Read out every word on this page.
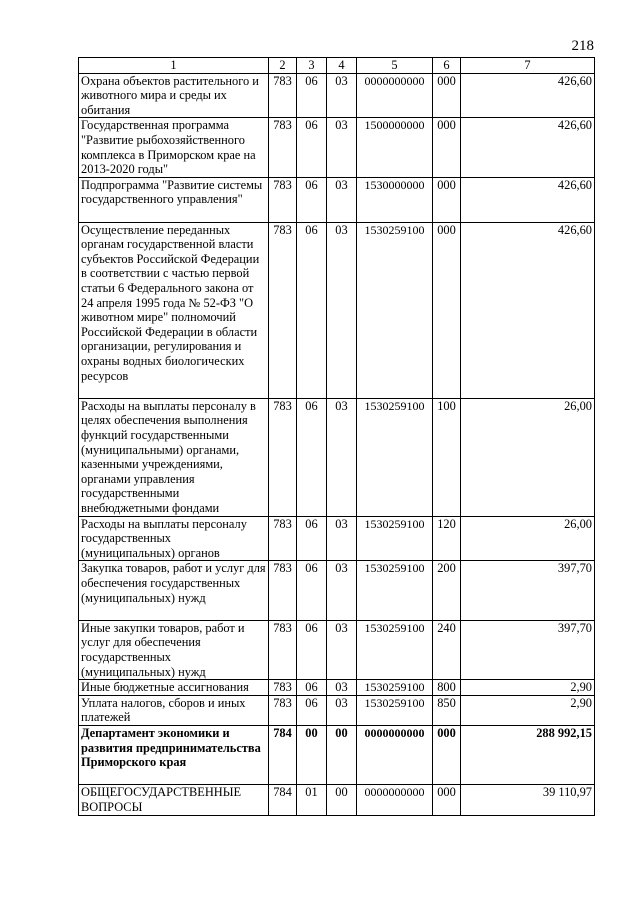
218
1	2	3	4	5	6	7
Охрана объектов растительного и животного мира и среды их обитания	783	06	03	0000000000	000	426,60
Государственная программа "Развитие рыбохозяйственного комплекса в Приморском крае на 2013-2020 годы"	783	06	03	1500000000	000	426,60
Подпрограмма "Развитие системы государственного управления"	783	06	03	1530000000	000	426,60
Осуществление переданных органам государственной власти субъектов Российской Федерации в соответствии с частью первой статьи 6 Федерального закона от 24 апреля 1995 года № 52-ФЗ "О животном мире" полномочий Российской Федерации в области организации, регулирования и охраны водных биологических ресурсов	783	06	03	1530259100	000	426,60
Расходы на выплаты персоналу в целях обеспечения выполнения функций государственными (муниципальными) органами, казенными учреждениями, органами управления государственными внебюджетными фондами	783	06	03	1530259100	100	26,00
Расходы на выплаты персоналу государственных (муниципальных) органов	783	06	03	1530259100	120	26,00
Закупка товаров, работ и услуг для обеспечения государственных (муниципальных) нужд	783	06	03	1530259100	200	397,70
Иные закупки товаров, работ и услуг для обеспечения государственных (муниципальных) нужд	783	06	03	1530259100	240	397,70
Иные бюджетные ассигнования	783	06	03	1530259100	800	2,90
Уплата налогов, сборов и иных платежей	783	06	03	1530259100	850	2,90
Департамент экономики и развития предпринимательства Приморского края	784	00	00	0000000000	000	288 992,15
ОБЩЕГОСУДАРСТВЕННЫЕ ВОПРОСЫ	784	01	00	0000000000	000	39 110,97
